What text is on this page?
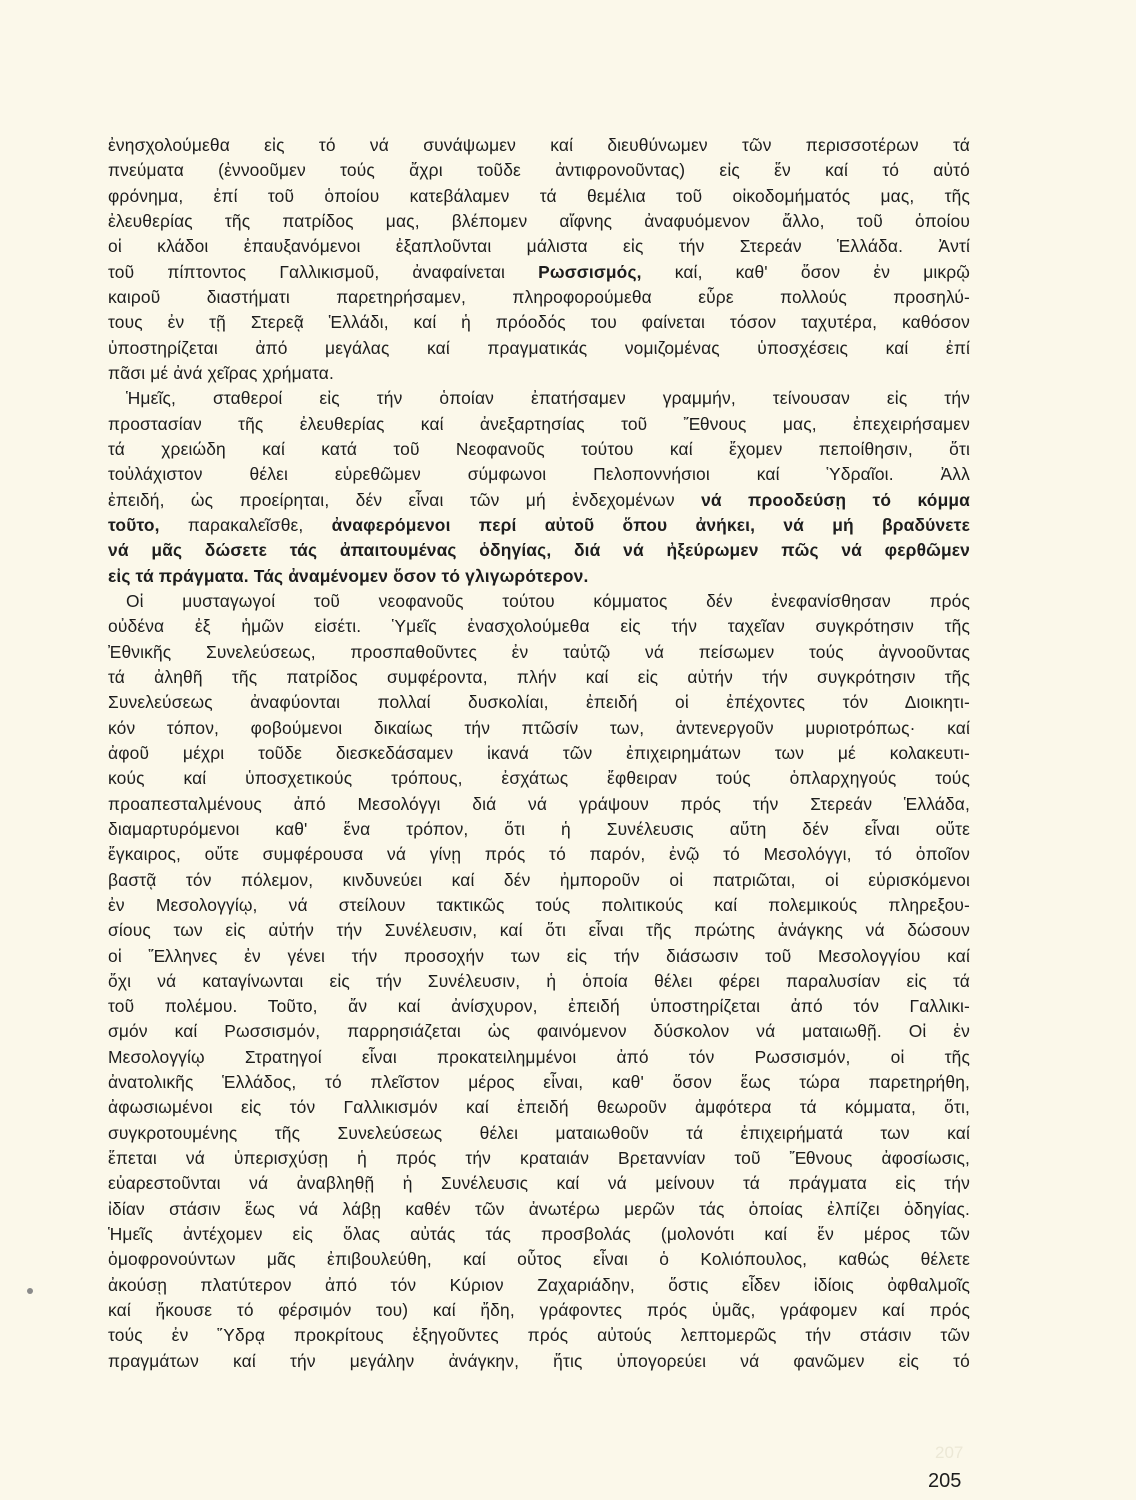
ἐνησχολούμεθα εἰς τό νά συνάψωμεν καί διευθύνωμεν τῶν περισσοτέρων τά
πνεύματα (ἐννοοῦμεν τούς ἄχρι τοῦδε ἀντιφρονοῦντας) εἰς ἕν καί τό αὐτό
φρόνημα, ἐπί τοῦ ὁποίου κατεβάλαμεν τά θεμέλια τοῦ οἰκοδομήματός μας, τῆς
ἐλευθερίας τῆς πατρίδος μας, βλέπομεν αἴφνης ἀναφυόμενον ἄλλο, τοῦ ὁποίου
οἱ κλάδοι ἐπαυξανόμενοι ἐξαπλοῦνται μάλιστα εἰς τήν Στερεάν Ἑλλάδα. Ἀντί
τοῦ πίπτοντος Γαλλικισμοῦ, ἀναφαίνεται Ρωσσισμός, καί, καθ' ὅσον ἐν μικρῷ
καιροῦ διαστήματι παρετηρήσαμεν, πληροφορούμεθα εὗρε πολλούς προσηλύ-
τους ἐν τῇ Στερεᾷ Ἑλλάδι, καί ἡ πρόοδός του φαίνεται τόσον ταχυτέρα, καθόσον
ὑποστηρίζεται ἀπό μεγάλας καί πραγματικάς νομιζομένας ὑποσχέσεις καί ἐπί
πᾶσι μέ ἀνά χεῖρας χρήματα.
Ἡμεῖς, σταθεροί εἰς τήν ὁποίαν ἐπατήσαμεν γραμμήν, τείνουσαν εἰς τήν
προστασίαν τῆς ἐλευθερίας καί ἀνεξαρτησίας τοῦ Ἔθνους μας, ἐπεχειρήσαμεν
τά χρειώδη καί κατά τοῦ Νεοφανοῦς τούτου καί ἔχομεν πεποίθησιν, ὅτι
τοὐλάχιστον θέλει εὑρεθῶμεν σύμφωνοι Πελοποννήσιοι καί Ὑδραῖοι. Ἀλλ
ἐπειδή, ὡς προείρηται, δέν εἶναι τῶν μή ἐνδεχομένων νά προοδεύσῃ τό κόμμα
τοῦτο, παρακαλεῖσθε, ἀναφερόμενοι περί αὐτοῦ ὅπου ἀνήκει, νά μή βραδύνετε
νά μᾶς δώσετε τάς ἀπαιτουμένας ὁδηγίας, διά νά ἠξεύρωμεν πῶς νά φερθῶμεν
εἰς τά πράγματα. Τάς ἀναμένομεν ὅσον τό γλιγωρότερον.
Οἱ μυσταγωγοί τοῦ νεοφανοῦς τούτου κόμματος δέν ἐνεφανίσθησαν πρός
οὐδένα ἐξ ἡμῶν εἰσέτι. Ὑμεῖς ἐνασχολούμεθα εἰς τήν ταχεῖαν συγκρότησιν τῆς
Ἐθνικῆς Συνελεύσεως, προσπαθοῦντες ἐν ταὐτῷ νά πείσωμεν τούς ἀγνοοῦντας
τά ἀληθῆ τῆς πατρίδος συμφέροντα, πλήν καί εἰς αὐτήν τήν συγκρότησιν τῆς
Συνελεύσεως ἀναφύονται πολλαί δυσκολίαι, ἐπειδή οἱ ἐπέχοντες τόν Διοικητι-
κόν τόπον, φοβούμενοι δικαίως τήν πτῶσίν των, ἀντενεργοῦν μυριοτρόπως· καί
ἀφοῦ μέχρι τοῦδε διεσκεδάσαμεν ἱκανά τῶν ἐπιχειρημάτων των μέ κολακευτι-
κούς καί ὑποσχετικούς τρόπους, ἐσχάτως ἔφθειραν τούς ὁπλαρχηγούς τούς
προαπεσταλμένους ἀπό Μεσολόγγι διά νά γράψουν πρός τήν Στερεάν Ἑλλάδα,
διαμαρτυρόμενοι καθ' ἕνα τρόπον, ὅτι ἡ Συνέλευσις αὕτη δέν εἶναι οὔτε
ἔγκαιρος, οὔτε συμφέρουσα νά γίνῃ πρός τό παρόν, ἐνῷ τό Μεσολόγγι, τό ὁποῖον
βαστᾷ τόν πόλεμον, κινδυνεύει καί δέν ἠμποροῦν οἱ πατριῶται, οἱ εὑρισκόμενοι
ἐν Μεσολογγίῳ, νά στείλουν τακτικῶς τούς πολιτικούς καί πολεμικούς πληρεξου-
σίους των εἰς αὐτήν τήν Συνέλευσιν, καί ὅτι εἶναι τῆς πρώτης ἀνάγκης νά δώσουν
οἱ Ἕλληνες ἐν γένει τήν προσοχήν των εἰς τήν διάσωσιν τοῦ Μεσολογγίου καί
ὄχι νά καταγίνωνται εἰς τήν Συνέλευσιν, ἡ ὁποία θέλει φέρει παραλυσίαν εἰς τά
τοῦ πολέμου. Τοῦτο, ἄν καί ἀνίσχυρον, ἐπειδή ὑποστηρίζεται ἀπό τόν Γαλλικι-
σμόν καί Ρωσσισμόν, παρρησιάζεται ὡς φαινόμενον δύσκολον νά ματαιωθῇ. Οἱ ἐν
Μεσολογγίῳ Στρατηγοί εἶναι προκατειλημμένοι ἀπό τόν Ρωσσισμόν, οἱ τῆς
ἀνατολικῆς Ἑλλάδος, τό πλεῖστον μέρος εἶναι, καθ' ὅσον ἕως τώρα παρετηρήθη,
ἀφωσιωμένοι εἰς τόν Γαλλικισμόν καί ἐπειδή θεωροῦν ἀμφότερα τά κόμματα, ὅτι,
συγκροτουμένης τῆς Συνελεύσεως θέλει ματαιωθοῦν τά ἐπιχειρήματά των καί
ἕπεται νά ὑπερισχύσῃ ἡ πρός τήν κραταιάν Βρεταννίαν τοῦ Ἔθνους ἀφοσίωσις,
εὐαρεστοῦνται νά ἀναβληθῇ ἡ Συνέλευσις καί νά μείνουν τά πράγματα εἰς τήν
ἰδίαν στάσιν ἕως νά λάβῃ καθέν τῶν ἀνωτέρω μερῶν τάς ὁποίας ἐλπίζει ὁδηγίας.
Ἡμεῖς ἀντέχομεν εἰς ὅλας αὐτάς τάς προσβολάς (μολονότι καί ἕν μέρος τῶν
ὁμοφρονούντων μᾶς ἐπιβουλεύθη, καί οὗτος εἶναι ὁ Κολιόπουλος, καθώς θέλετε
ἀκούσῃ πλατύτερον ἀπό τόν Κύριον Ζαχαριάδην, ὅστις εἶδεν ἰδίοις ὀφθαλμοῖς
καί ἤκουσε τό φέρσιμόν του) καί ἤδη, γράφοντες πρός ὑμᾶς, γράφομεν καί πρός
τούς ἐν Ὕδρᾳ προκρίτους ἐξηγοῦντες πρός αὐτούς λεπτομερῶς τήν στάσιν τῶν
πραγμάτων καί τήν μεγάλην ἀνάγκην, ἥτις ὑπογορεύει νά φανῶμεν εἰς τό
207
205
